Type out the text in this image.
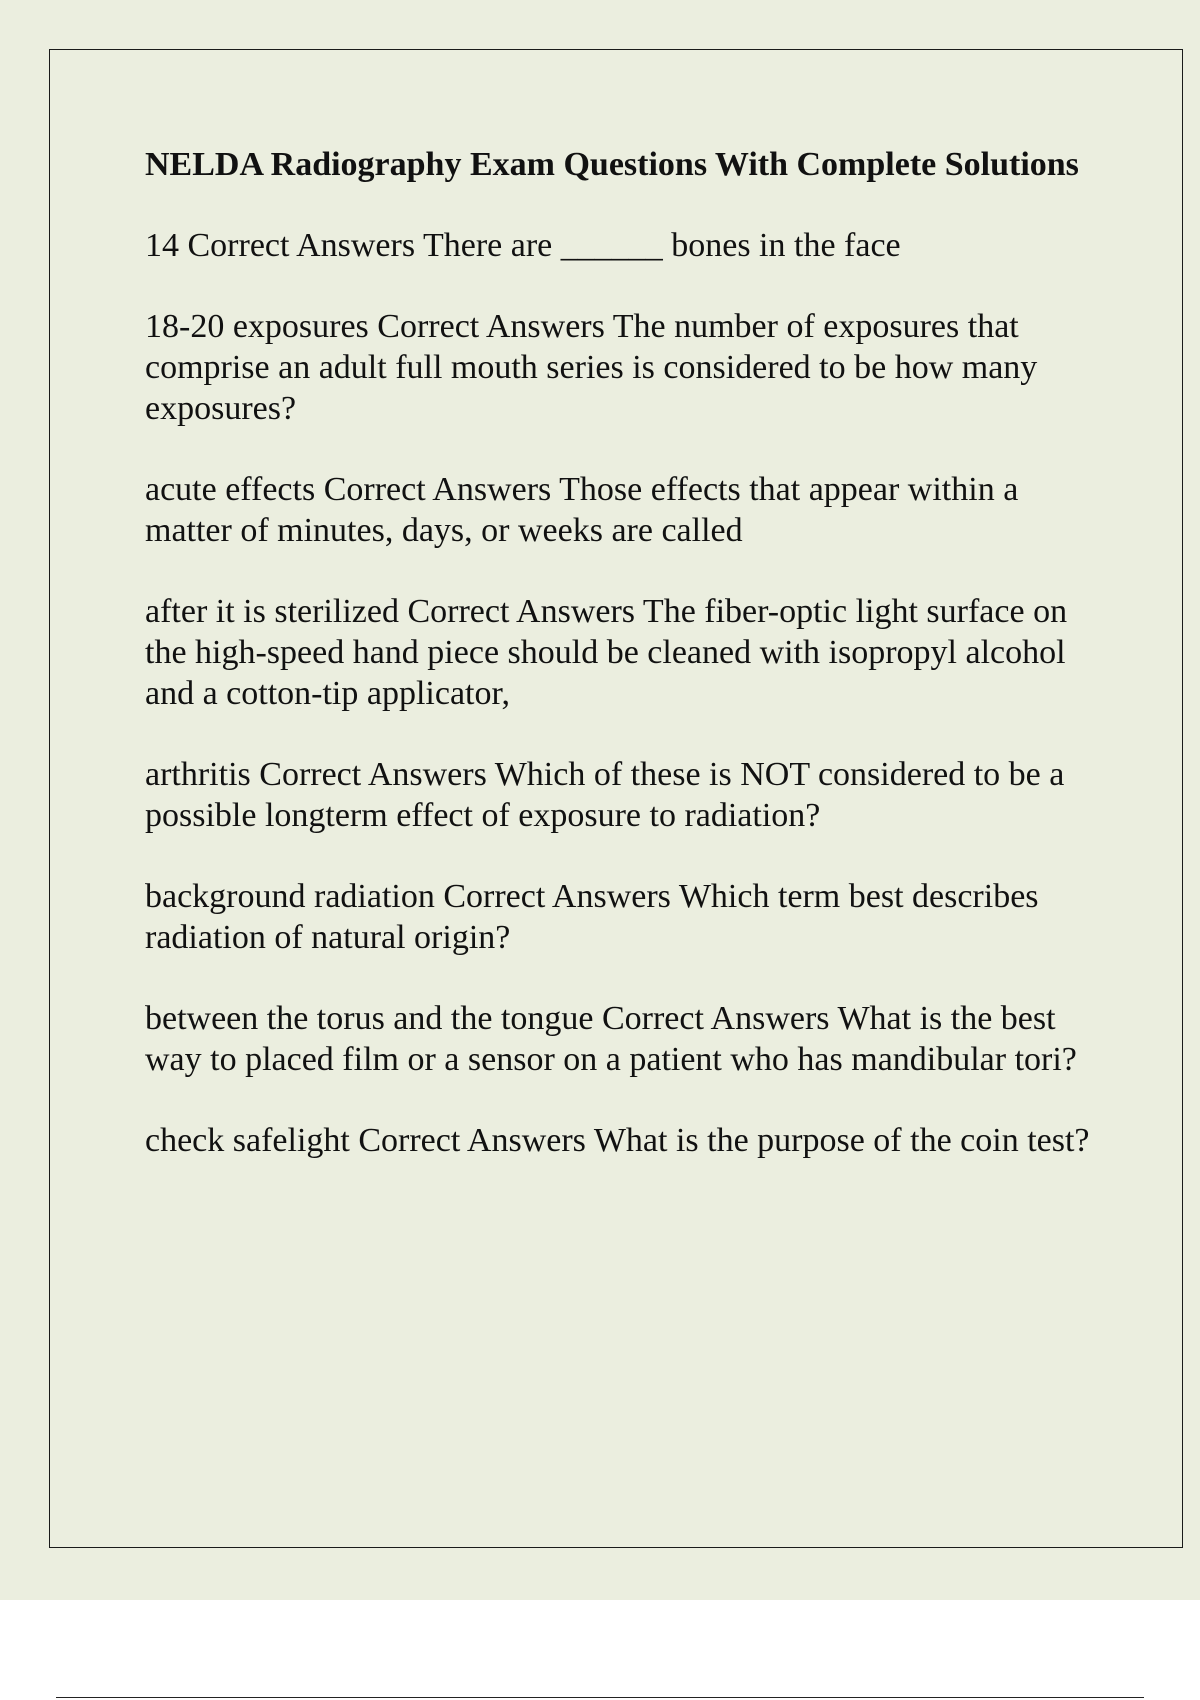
NELDA Radiography Exam Questions With Complete Solutions

14 Correct Answers There are ______ bones in the face

18-20 exposures Correct Answers The number of exposures that comprise an adult full mouth series is considered to be how many exposures?

acute effects Correct Answers Those effects that appear within a matter of minutes, days, or weeks are called

after it is sterilized Correct Answers The fiber-optic light surface on the high-speed hand piece should be cleaned with isopropyl alcohol and a cotton-tip applicator,

arthritis Correct Answers Which of these is NOT considered to be a possible longterm effect of exposure to radiation?

background radiation Correct Answers Which term best describes radiation of natural origin?

between the torus and the tongue Correct Answers What is the best way to placed film or a sensor on a patient who has mandibular tori?

check safelight Correct Answers What is the purpose of the coin test?
